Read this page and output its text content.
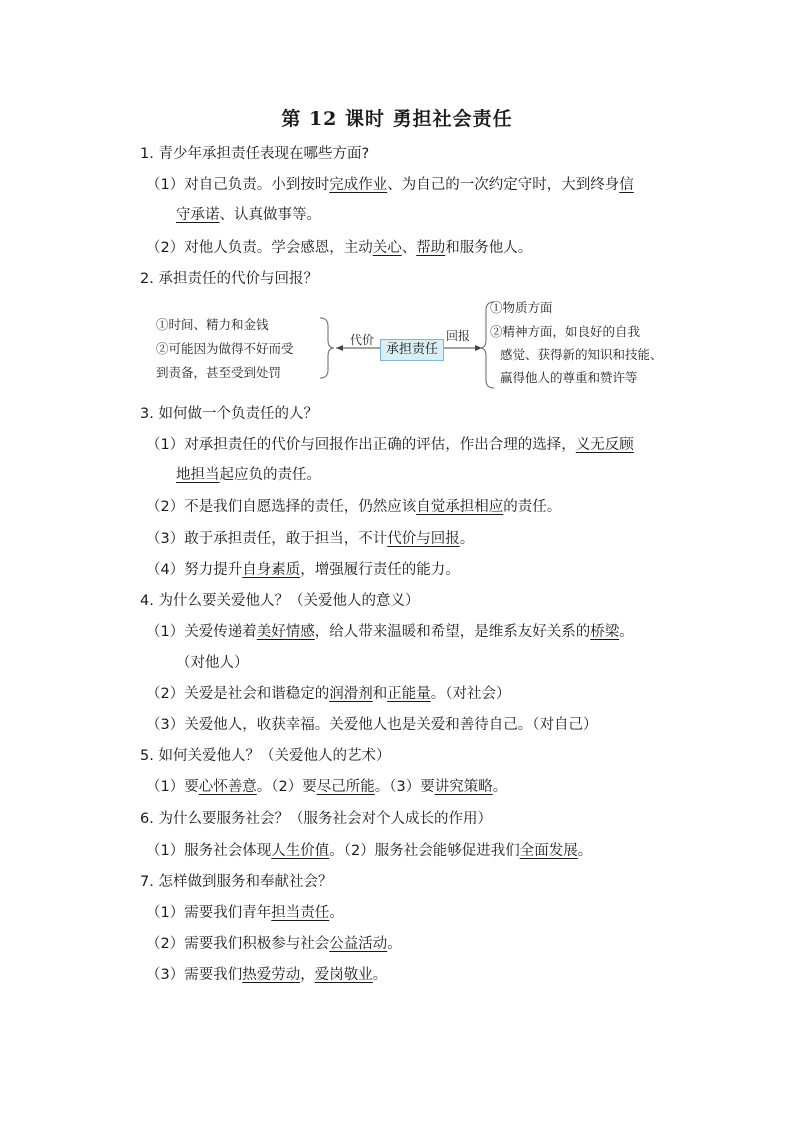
第 12 课时 勇担社会责任
1. 青少年承担责任表现在哪些方面?
（1）对自己负责。小到按时完成作业、为自己的一次约定守时，大到终身信
守承诺、认真做事等。
（2）对他人负责。学会感恩，主动关心、帮助和服务他人。
2. 承担责任的代价与回报？
①时间、精力和金钱
②可能因为做得不好而受
到责备，甚至受到处罚
代价
承担责任
回报
①物质方面
②精神方面，如良好的自我
感觉、获得新的知识和技能、
赢得他人的尊重和赞许等
3. 如何做一个负责任的人？
（1）对承担责任的代价与回报作出正确的评估，作出合理的选择，义无反顾
地担当起应负的责任。
（2）不是我们自愿选择的责任，仍然应该自觉承担相应的责任。
（3）敢于承担责任，敢于担当，不计代价与回报。
（4）努力提升自身素质，增强履行责任的能力。
4. 为什么要关爱他人？（关爱他人的意义）
（1）关爱传递着美好情感，给人带来温暖和希望，是维系友好关系的桥梁。
（对他人）
（2）关爱是社会和谐稳定的润滑剂和正能量。（对社会）
（3）关爱他人，收获幸福。关爱他人也是关爱和善待自己。（对自己）
5. 如何关爱他人？（关爱他人的艺术）
（1）要心怀善意。（2）要尽己所能。（3）要讲究策略。
6. 为什么要服务社会？（服务社会对个人成长的作用）
（1）服务社会体现人生价值。（2）服务社会能够促进我们全面发展。
7. 怎样做到服务和奉献社会？
（1）需要我们青年担当责任。
（2）需要我们积极参与社会公益活动。
（3）需要我们热爱劳动，爱岗敬业。
